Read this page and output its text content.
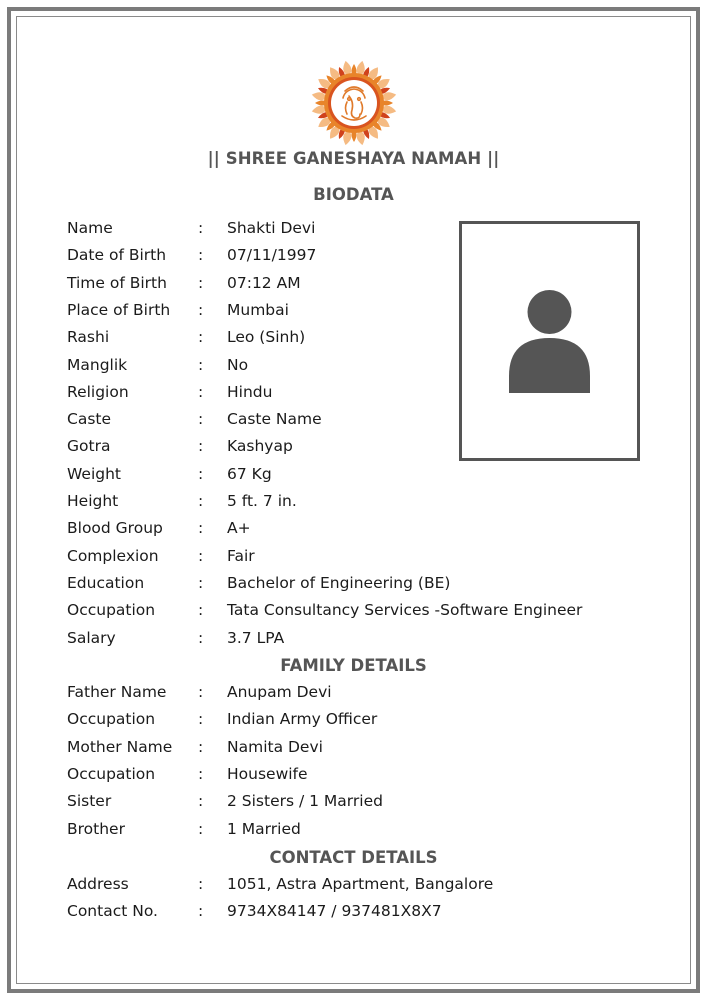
|| SHREE GANESHAYA NAMAH ||
BIODATA
Name	: Shakti Devi
Date of Birth : 07/11/1997
Time of Birth : 07:12 AM
Place of Birth : Mumbai
Rashi	: Leo (Sinh)
Manglik	: No
Religion	: Hindu
Caste	: Caste Name
Gotra	: Kashyap
Weight	: 67 Kg
Height	: 5 ft. 7 in.
Blood Group : A+
Complexion	: Fair
Education	: Bachelor of Engineering (BE)
Occupation	: Tata Consultancy Services -Software Engineer
Salary	: 3.7 LPA
FAMILY DETAILS
Father Name : Anupam Devi
Occupation	: Indian Army Officer
Mother Name : Namita Devi
Occupation	: Housewife
Sister	: 2 Sisters / 1 Married
Brother	: 1 Married
CONTACT DETAILS
Address	: 1051, Astra Apartment, Bangalore
Contact No.	: 9734X84147 / 937481X8X7
